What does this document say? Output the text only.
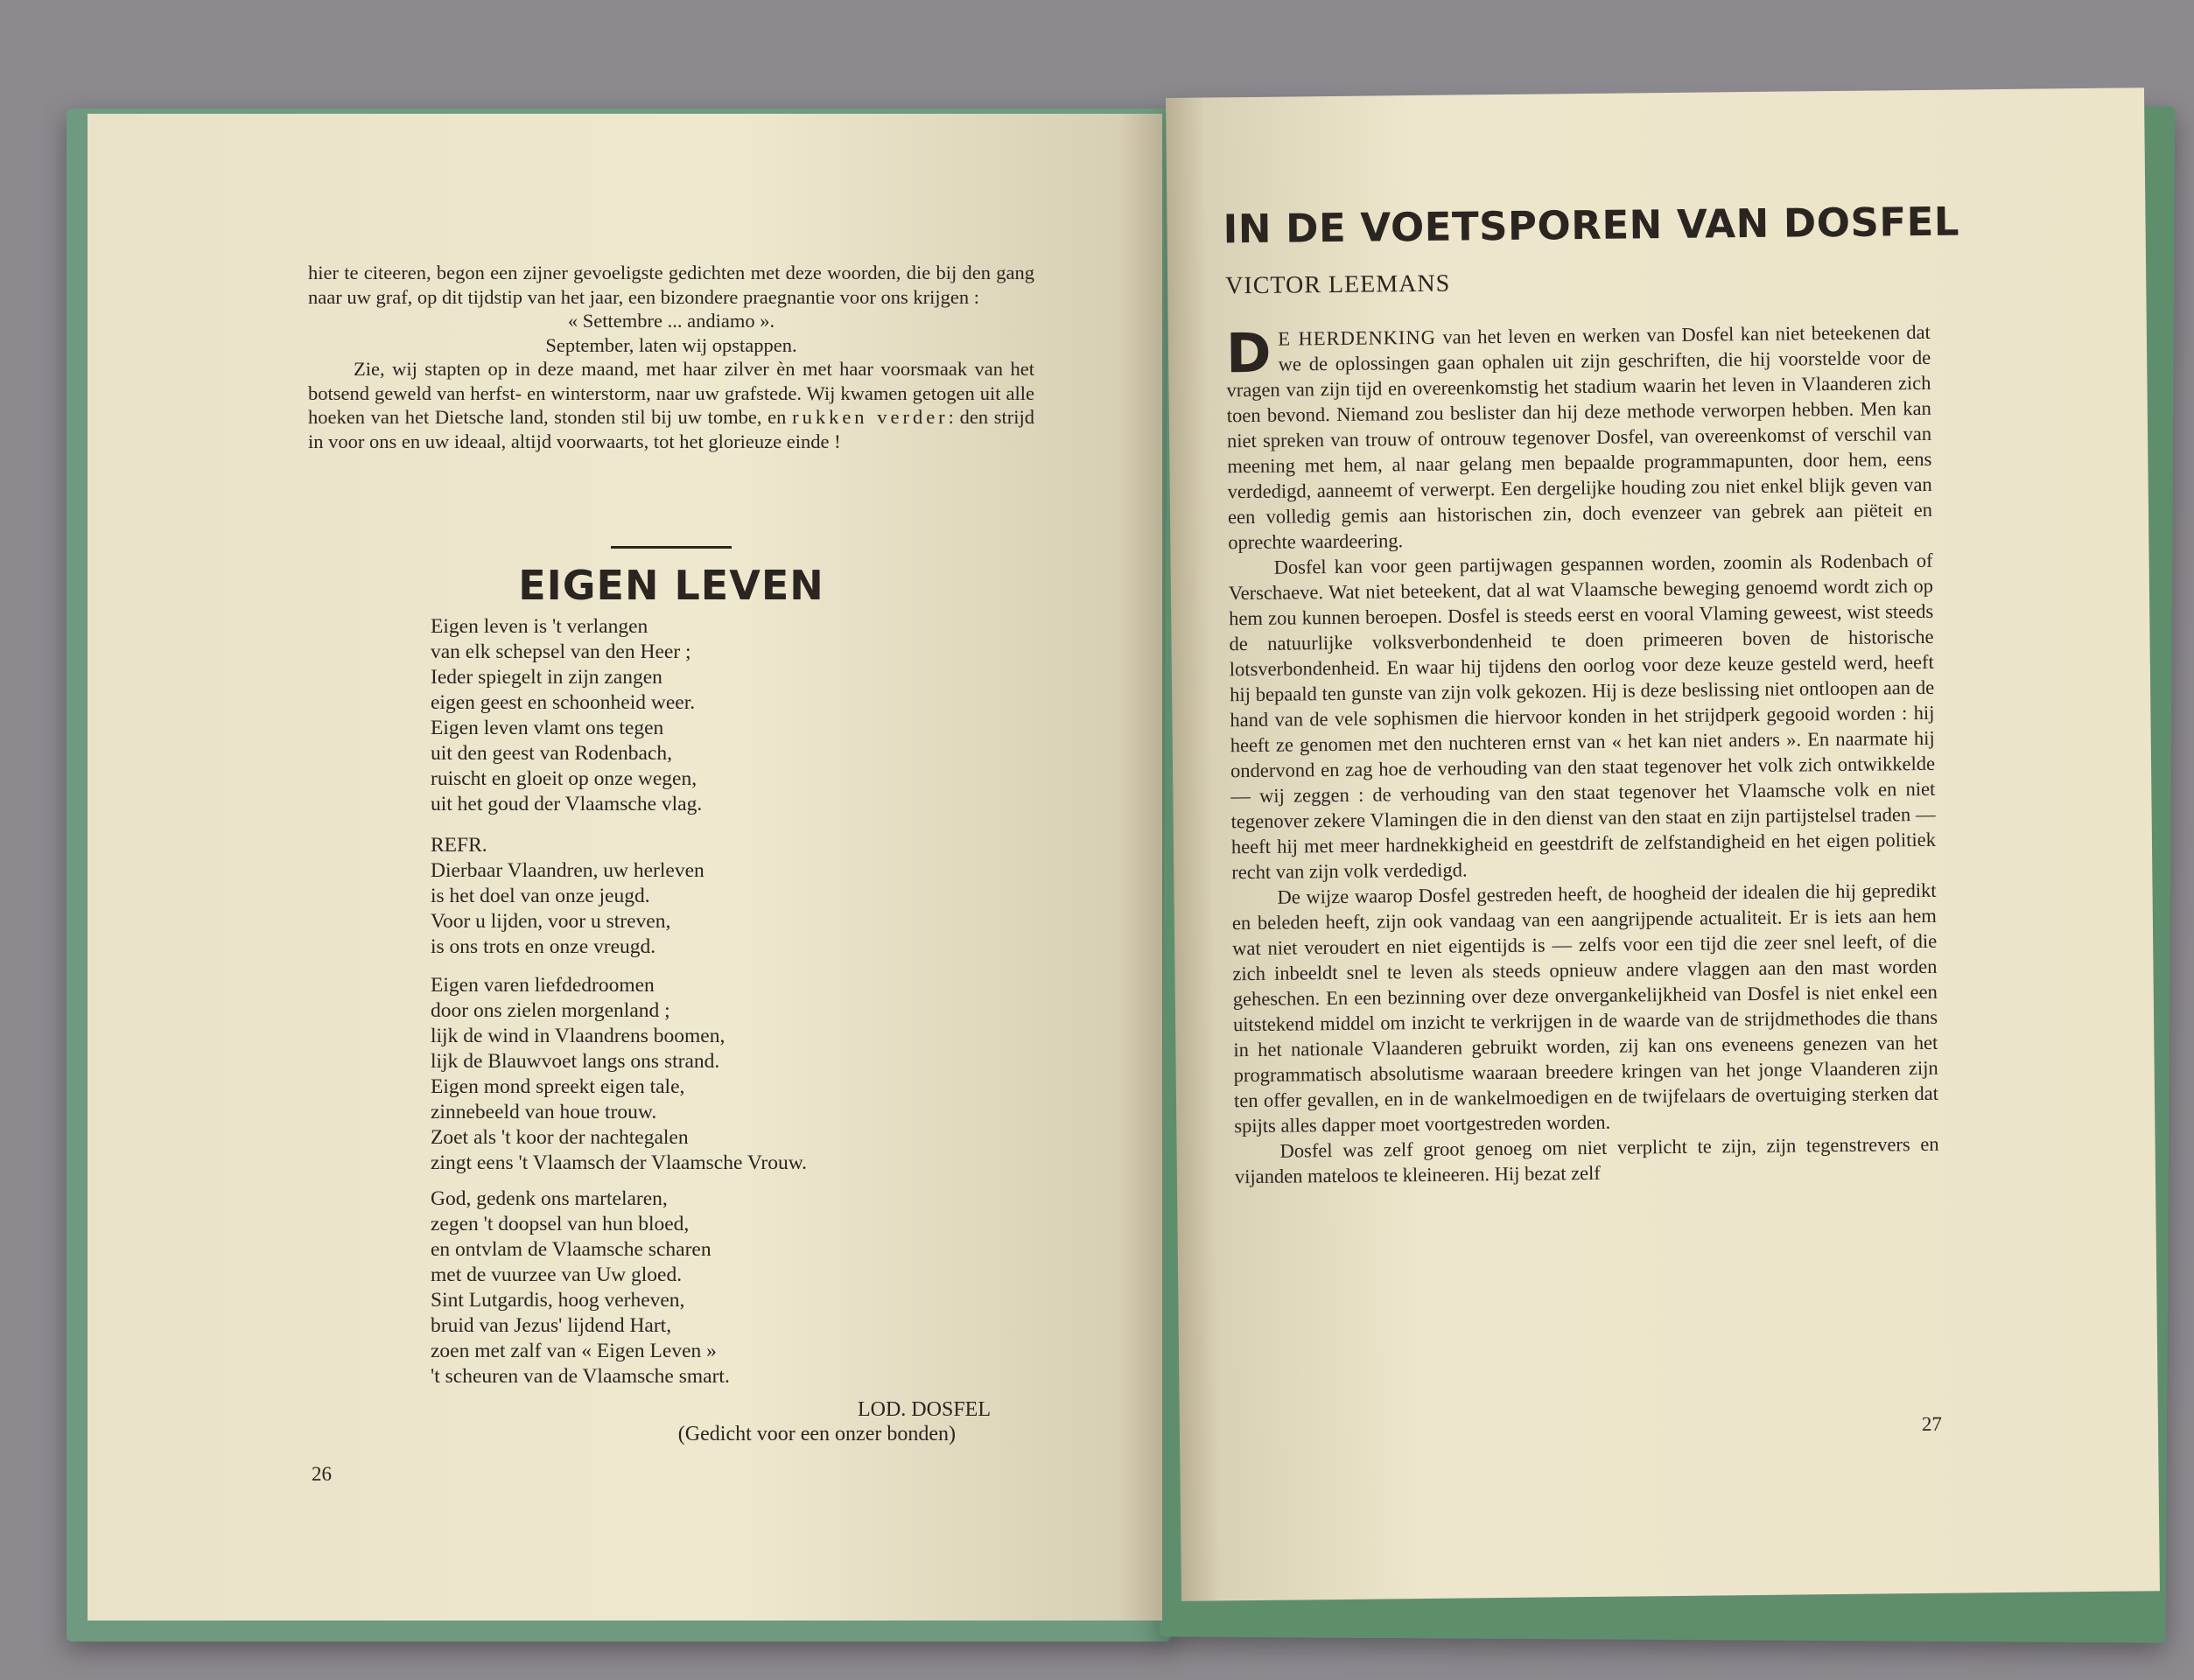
hier te citeeren, begon een zijner gevoeligste gedichten met deze woorden, die bij den gang naar uw graf, op dit tijdstip van het jaar, een bizondere praegnantie voor ons krijgen :

« Settembre ... andiamo ».

September, laten wij opstappen.

Zie, wij stapten op in deze maand, met haar zilver èn met haar voorsmaak van het botsend geweld van herfst- en winterstorm, naar uw grafstede. Wij kwamen getogen uit alle hoeken van het Dietsche land, stonden stil bij uw tombe, en rukken verder: den strijd in voor ons en uw ideaal, altijd voorwaarts, tot het glorieuze einde !

EIGEN LEVEN
Eigen leven is 't verlangen
van elk schepsel van den Heer ;
Ieder spiegelt in zijn zangen
eigen geest en schoonheid weer.
Eigen leven vlamt ons tegen
uit den geest van Rodenbach,
ruischt en gloeit op onze wegen,
uit het goud der Vlaamsche vlag.
REFR.
Dierbaar Vlaandren, uw herleven
is het doel van onze jeugd.
Voor u lijden, voor u streven,
is ons trots en onze vreugd.
Eigen varen liefdedroomen
door ons zielen morgenland ;
lijk de wind in Vlaandrens boomen,
lijk de Blauwvoet langs ons strand.
Eigen mond spreekt eigen tale,
zinnebeeld van houe trouw.
Zoet als 't koor der nachtegalen
zingt eens 't Vlaamsch der Vlaamsche Vrouw.
God, gedenk ons martelaren,
zegen 't doopsel van hun bloed,
en ontvlam de Vlaamsche scharen
met de vuurzee van Uw gloed.
Sint Lutgardis, hoog verheven,
bruid van Jezus' lijdend Hart,
zoen met zalf van « Eigen Leven »
't scheuren van de Vlaamsche smart.
LOD. DOSFEL
(Gedicht voor een onzer bonden)
26
IN DE VOETSPOREN VAN DOSFEL
VICTOR LEEMANS

D E HERDENKING van het leven en werken van Dosfel kan niet beteekenen dat we de oplossingen gaan ophalen uit zijn geschriften, die hij voorstelde voor de vragen van zijn tijd en overeenkomstig het stadium waarin het leven in Vlaanderen zich toen bevond. Niemand zou beslister dan hij deze methode verworpen hebben. Men kan niet spreken van trouw of ontrouw tegenover Dosfel, van overeenkomst of verschil van meening met hem, al naar gelang men bepaalde programmapunten, door hem, eens verdedigd, aanneemt of verwerpt. Een dergelijke houding zou niet enkel blijk geven van een volledig gemis aan historischen zin, doch evenzeer van gebrek aan piëteit en oprechte waardeering.

Dosfel kan voor geen partijwagen gespannen worden, zoomin als Rodenbach of Verschaeve. Wat niet beteekent, dat al wat Vlaamsche beweging genoemd wordt zich op hem zou kunnen beroepen. Dosfel is steeds eerst en vooral Vlaming geweest, wist steeds de natuurlijke volksverbondenheid te doen primeeren boven de historische lotsverbondenheid. En waar hij tijdens den oorlog voor deze keuze gesteld werd, heeft hij bepaald ten gunste van zijn volk gekozen. Hij is deze beslissing niet ontloopen aan de hand van de vele sophismen die hiervoor konden in het strijdperk gegooid worden : hij heeft ze genomen met den nuchteren ernst van « het kan niet anders ». En naarmate hij ondervond en zag hoe de verhouding van den staat tegenover het volk zich ontwikkelde — wij zeggen : de verhouding van den staat tegenover het Vlaamsche volk en niet tegenover zekere Vlamingen die in den dienst van den staat en zijn partijstelsel traden — heeft hij met meer hardnekkigheid en geestdrift de zelfstandigheid en het eigen politiek recht van zijn volk verdedigd.

De wijze waarop Dosfel gestreden heeft, de hoogheid der idealen die hij gepredikt en beleden heeft, zijn ook vandaag van een aangrijpende actualiteit. Er is iets aan hem wat niet veroudert en niet eigentijds is — zelfs voor een tijd die zeer snel leeft, of die zich inbeeldt snel te leven als steeds opnieuw andere vlaggen aan den mast worden geheschen. En een bezinning over deze onvergankelijkheid van Dosfel is niet enkel een uitstekend middel om inzicht te verkrijgen in de waarde van de strijdmethodes die thans in het nationale Vlaanderen gebruikt worden, zij kan ons eveneens genezen van het programmatisch absolutisme waaraan breedere kringen van het jonge Vlaanderen zijn ten offer gevallen, en in de wankelmoedigen en de twijfelaars de overtuiging sterken dat spijts alles dapper moet voortgestreden worden.

Dosfel was zelf groot genoeg om niet verplicht te zijn, zijn tegenstrevers en vijanden mateloos te kleineeren. Hij bezat zelf

27
